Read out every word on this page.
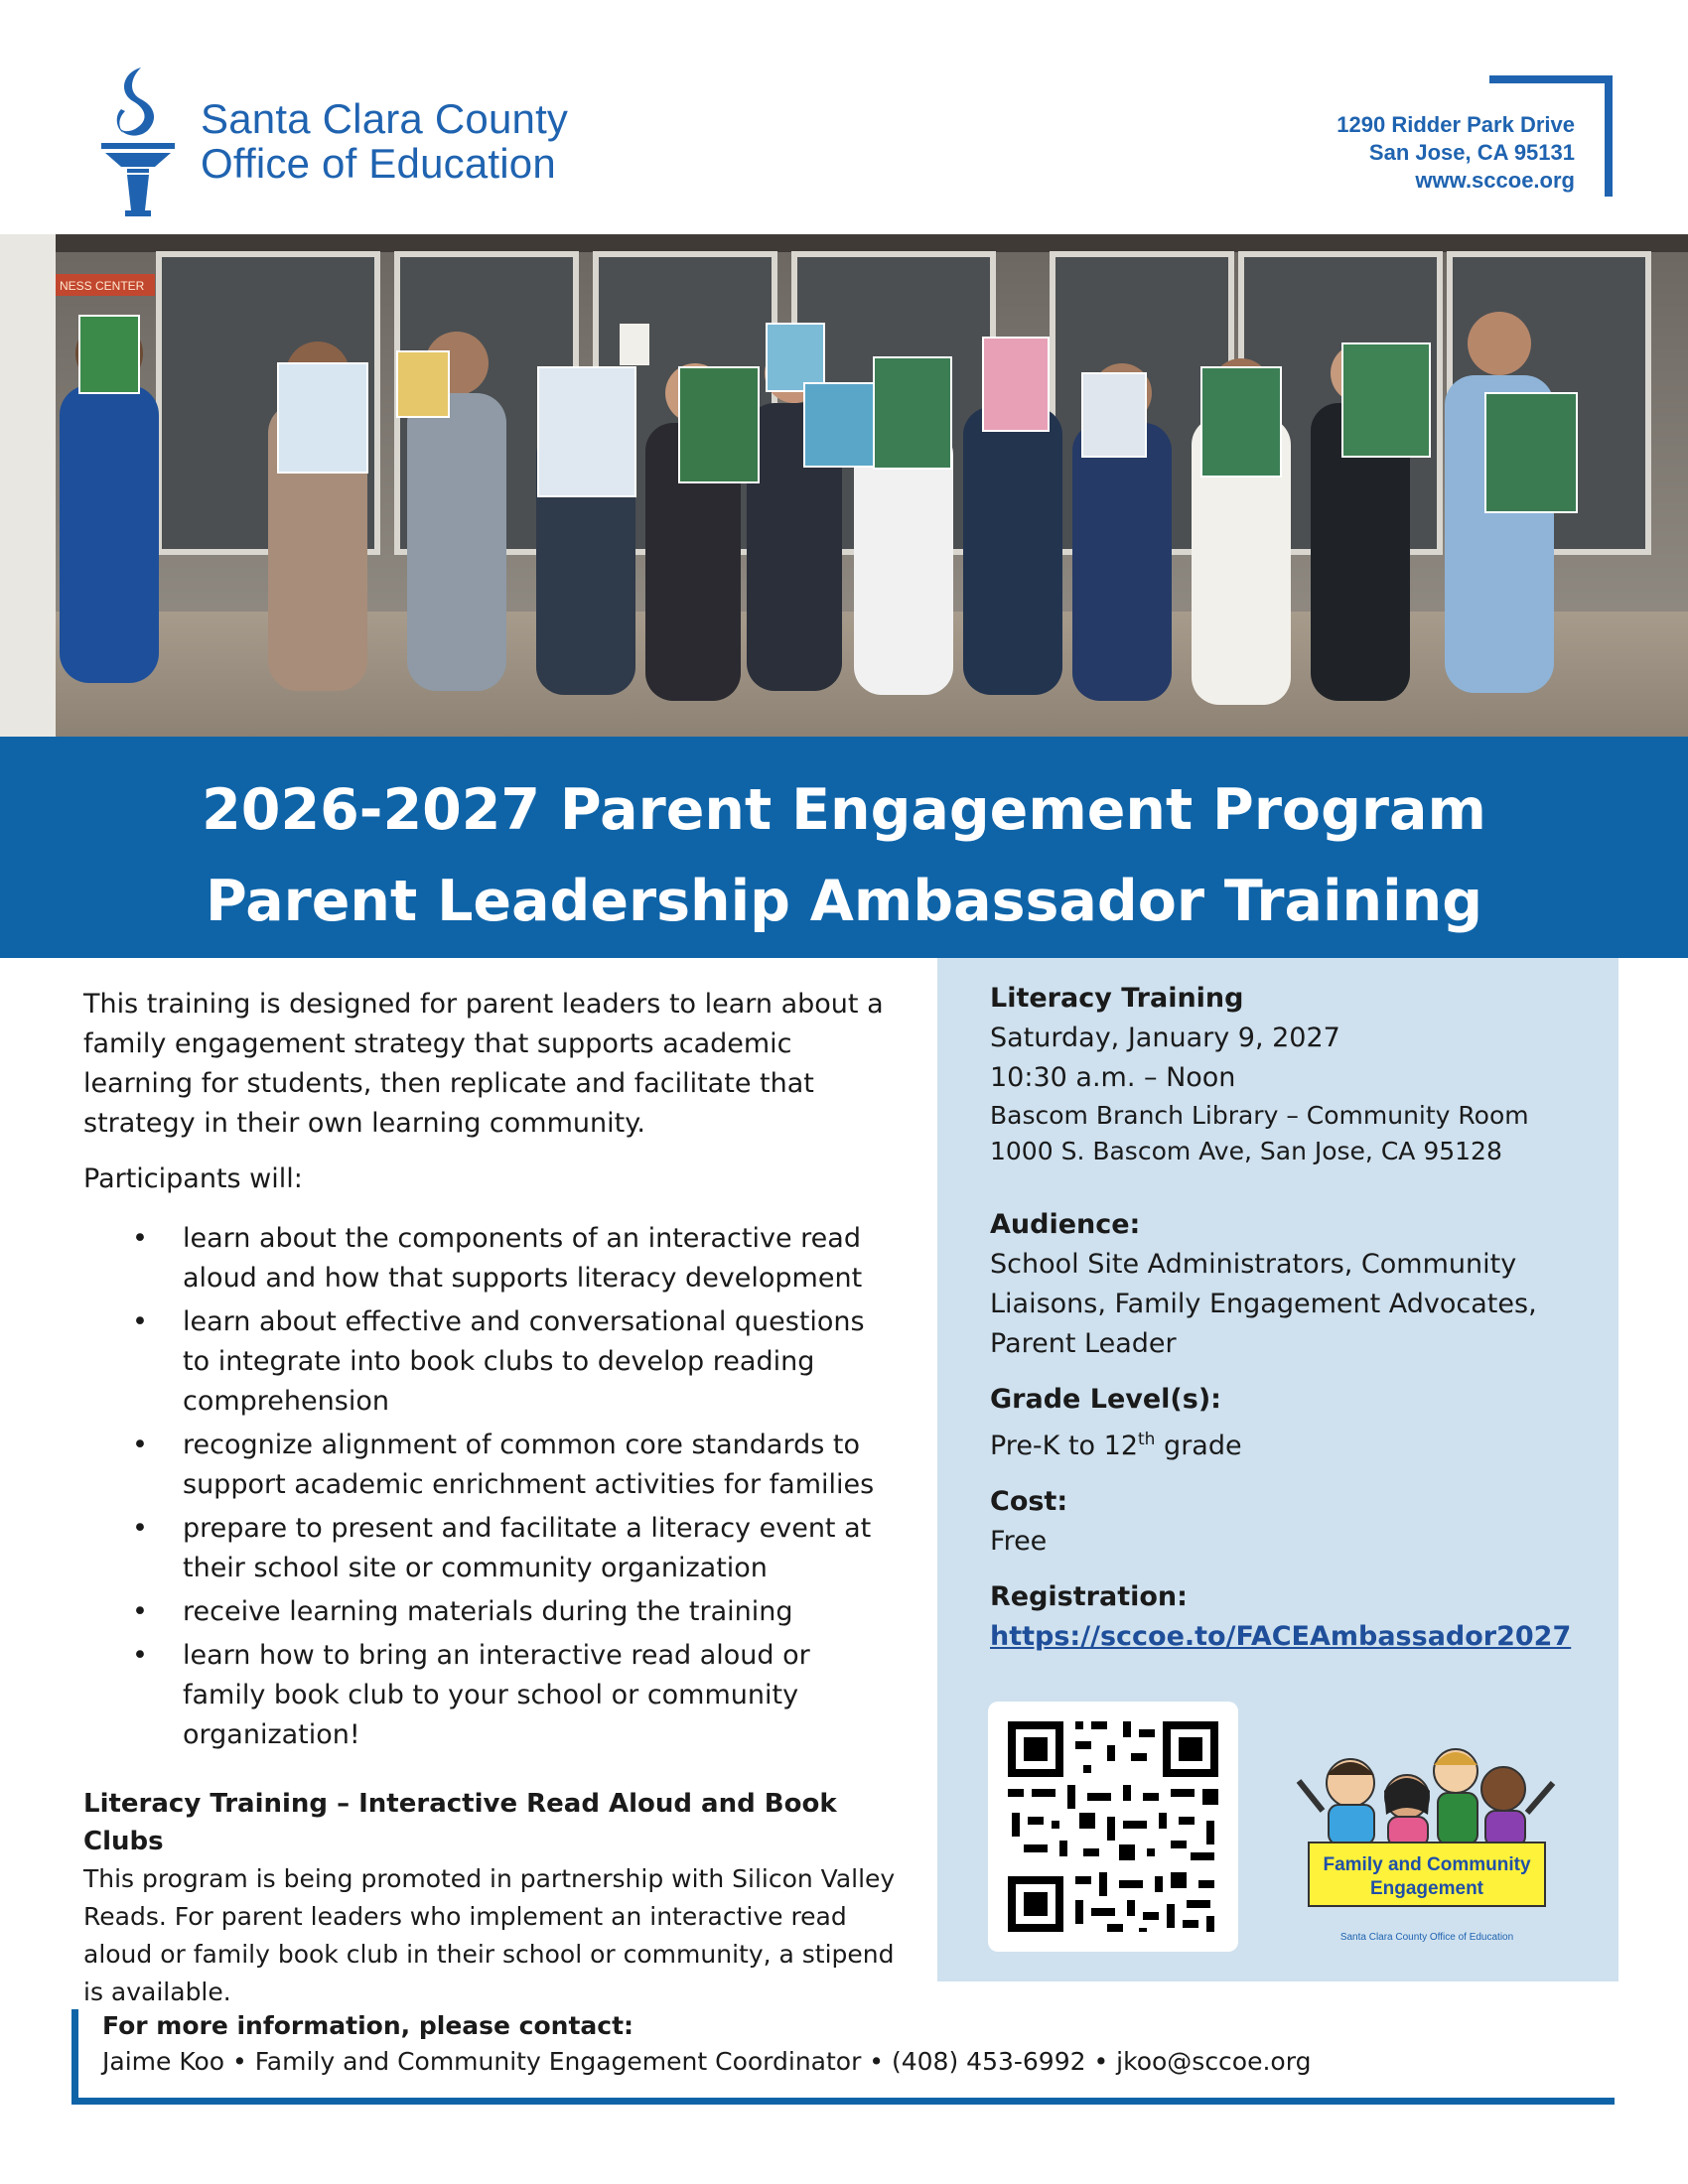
Santa Clara County
Office of Education
1290 Ridder Park Drive
San Jose, CA 95131
www.sccoe.org
NESS CENTER
2026-2027 Parent Engagement Program
Parent Leadership Ambassador Training

This training is designed for parent leaders to learn about a family engagement strategy that supports academic learning for students, then replicate and facilitate that strategy in their own learning community.

Participants will:

• learn about the components of an interactive read aloud and how that supports literacy development
• learn about effective and conversational questions to integrate into book clubs to develop reading comprehension
• recognize alignment of common core standards to support academic enrichment activities for families
• prepare to present and facilitate a literacy event at their school site or community organization
• receive learning materials during the training
• learn how to bring an interactive read aloud or family book club to your school or community organization!

Literacy Training – Interactive Read Aloud and Book Clubs

This program is being promoted in partnership with Silicon Valley Reads. For parent leaders who implement an interactive read aloud or family book club in their school or community, a stipend is available.

Literacy Training
Saturday, January 9, 2027
10:30 a.m. – Noon
Bascom Branch Library – Community Room
1000 S. Bascom Ave, San Jose, CA 95128
Audience:
School Site Administrators, Community Liaisons, Family Engagement Advocates, Parent Leader
Grade Level(s):
Pre-K to 12th grade
Cost:
Free
Registration:
https://sccoe.to/FACEAmbassador2027
Family and Community
Engagement
Santa Clara County Office of Education
For more information, please contact:
Jaime Koo • Family and Community Engagement Coordinator • (408) 453-6992 • jkoo@sccoe.org
